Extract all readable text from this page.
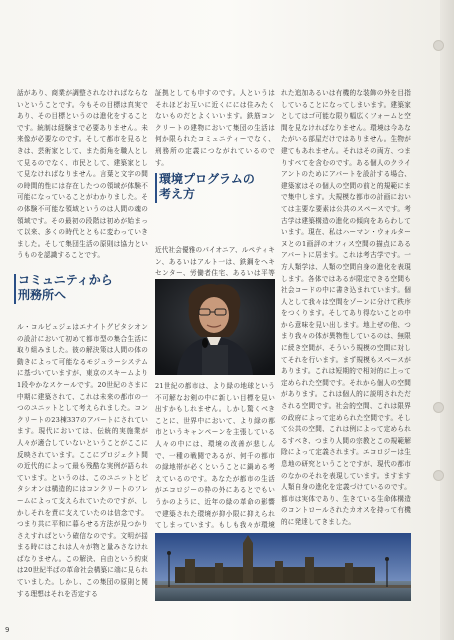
話があり、商業が調整されなければならないということです。今もその目標は真実であり、その目標というのは進化をすることです。統制は経験まで必要ありません。未来像が必要なのです。そして都市を見るときは、芸術家として、また街角を職人として見るのでなく、市民として、建築家として見なければなりません。言葉と文字の間の時間的性には存在したつの領域が体験不可能になっていることがわかりました。その体験不可能な領域というのは人間の魂の領域です。その最初の段階は初めが始まって以来、多くの時代とともに変わっていきました。そして集団生活の原則は協力というものを認識することです。

コミュニティから
刑務所へ

ル・コルビュジェはエナイトグピタシオンの設計において初めて都市型の集合生活に取り組みました。彼の解決策は人間の体の動きによって可能なるモジュラーシステムに基づいていますが、東京のスキームより1段やかなスケールです。20世紀のさまに中期に建築されて、これは未来の都市の一つのユニットとして考えられました。コンクリートの23棟337のアパートにされています。現代においては、伝統的実施業が人々が適合していないということがここに反映されています。ここにプロジェクト間の近代的によって最も残酷な実例が語られています。というのは、このユニットとピタシオンは構造的にはコンクリートのフレームによって支えられていたのですが、しかしそれを責に支えていたのは信念です。つまり共に平和に暮らせる方法が見つかりさえすればという確信なのです。文明が揺まる時にはこれは人々が物と量みさなければなりません。この解決、自由という約束は20世紀半ばの革命社会構築に端に見られていました。しかし、この集団の原則と関する理想はそれを否定する

証拠としても申すのです。人というはそれほどお互いに近くにには住みたくないものだとよくいいます。鉄筋コンクリートの建物において集団の生活は何か限られたコミュニティーでなく、刑務所の定義につながれているのです。

環境プログラムの
考え方

近代社会優雅のパイオニア、ルペティキン、あるいはアルト一は、鉄鋼をへキセンター、労働者住宅、あるいは平等

21世紀の都市は、より緑の地球という不可解なお剣の中に新しい目標を見い出すかもしれません。しかし驚くべきことに、世界中において、より緑の都市というキャンペーンを主張している人々の中には、環境の改善が悲しんで、一種の戦闘であるが、何千の都市の緑地帯が必くということに鍋める考えているのです。あなたが都市の生活がエコロジーの枠の外にあるとでもいうかのように、近年の緑の革命の影響で建築された環境が抑小限に抑えられてしまっています。もしも我々が環境

れた追加あるいは有機的な装飾の外を目指していることになってしまいます。建築家としてはゴ可能な限り幅広くフォームと空間を見なければなりません。環境は今あなたがいる部屋だけではありません。生物が建てもあれません。それはその両方、つまりすべてを含むのです。ある個人のクライアントのためにアパートを設計する場合、建築家はその個人の空間の前と的規範にまで集中します。大規模な都市の計画においては主要な要素は公共のスペースです。考古学は建築構造の進化の傾向をあらわしています。現在、私はハーマン・ウォルターヌとの1画評のオフィス空間の描点にあるアパートに居ます。これは考古学です。一方人類学は、人類の空間自身の進化を表現します。各体ではあるが限定できる空間も社会コードの中に書き込まれています。個人として我々は空間をゾーンに分けて秩序をつくります。そしてあり得ないことの中から意味を見い出します。地上ぜの他、つまり我々の体が異物性しているのは、無限に続き空間が、そういう規模の空間に対してそれを行います。まず規模もスペースがあります。これは短期的で相対的に上って定められた空間です。それから個人の空間があります。これは個人的に説明されただされる空間です。社会的空間、これは限界の政府によって定められた空間です。そして公共の空間、これは例によって定められるすべき、つまり人間の宗教とこの規範解除によって定義されます。エコロジーは生息地の研究ということですが、現代の都市のなかのそれを表現しています。ますます人類自身の進化を定義づけているのです。都市は実体であり、生きている生命体構造のコントロールされたカオスを持って有機的に発達してきました。

9
